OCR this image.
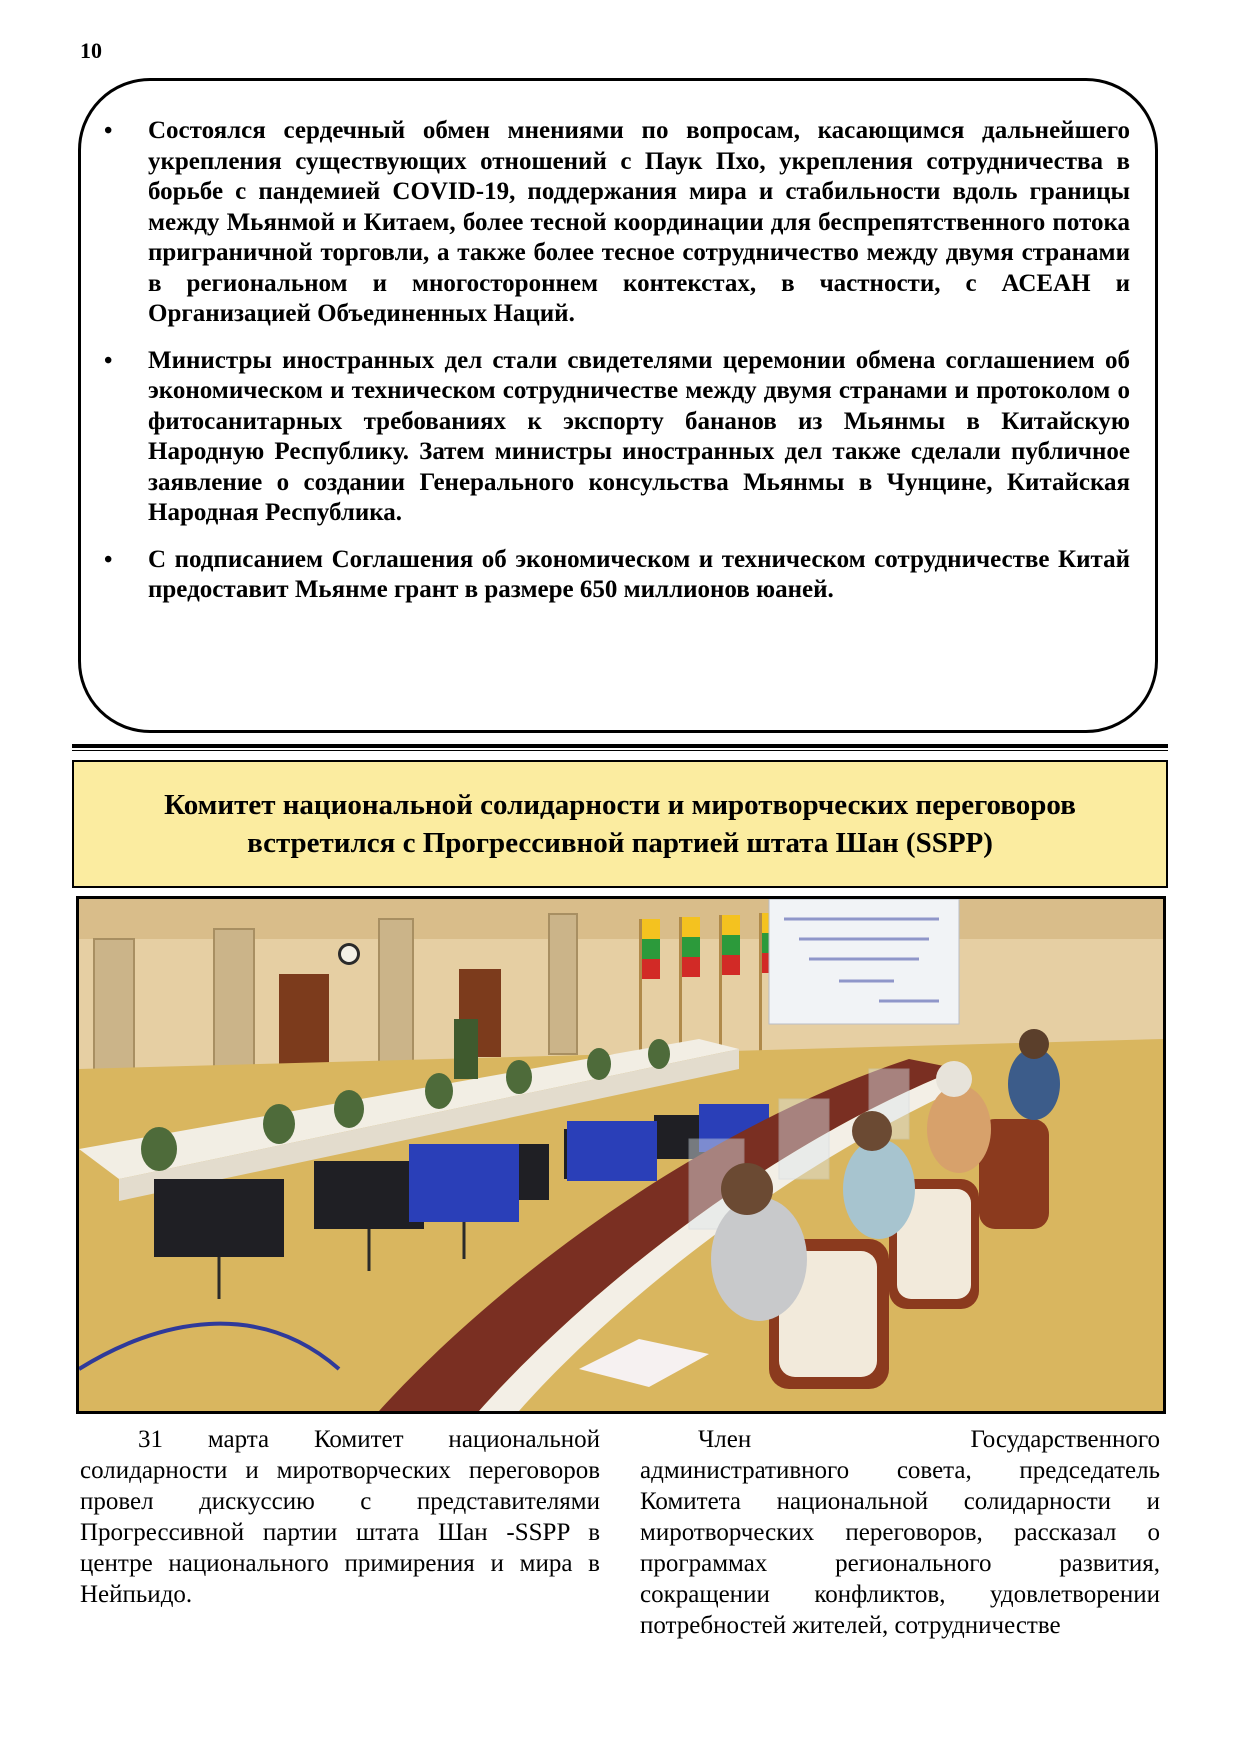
10
• Состоялся сердечный обмен мнениями по вопросам, касающимся дальнейшего укрепления существующих отношений с Паук Пхо, укрепления сотрудничества в борьбе с пандемией COVID-19, поддержания мира и стабильности вдоль границы между Мьянмой и Китаем, более тесной координации для беспрепятственного потока приграничной торговли, а также более тесное сотрудничество между двумя странами в региональном и многостороннем контекстах, в частности, с АСЕАН и Организацией Объединенных Наций.
• Министры иностранных дел стали свидетелями церемонии обмена соглашением об экономическом и техническом сотрудничестве между двумя странами и протоколом о фитосанитарных требованиях к экспорту бананов из Мьянмы в Китайскую Народную Республику. Затем министры иностранных дел также сделали публичное заявление о создании Генерального консульства Мьянмы в Чунцине, Китайская Народная Республика.
• С подписанием Соглашения об экономическом и техническом сотрудничестве Китай предоставит Мьянме грант в размере 650 миллионов юаней.
Комитет национальной солидарности и миротворческих переговоров
встретился с Прогрессивной партией штата Шан (SSPP)

31 марта Комитет национальной солидарности и миротворческих переговоров провел дискуссию с представителями Прогрессивной партии штата Шан -SSPP в центре национального примирения и мира в Нейпьидо.

Член Государственного административного совета, председатель Комитета национальной солидарности и миротворческих переговоров, рассказал о программах регионального развития, сокращении конфликтов, удовлетворении потребностей жителей, сотрудничестве
